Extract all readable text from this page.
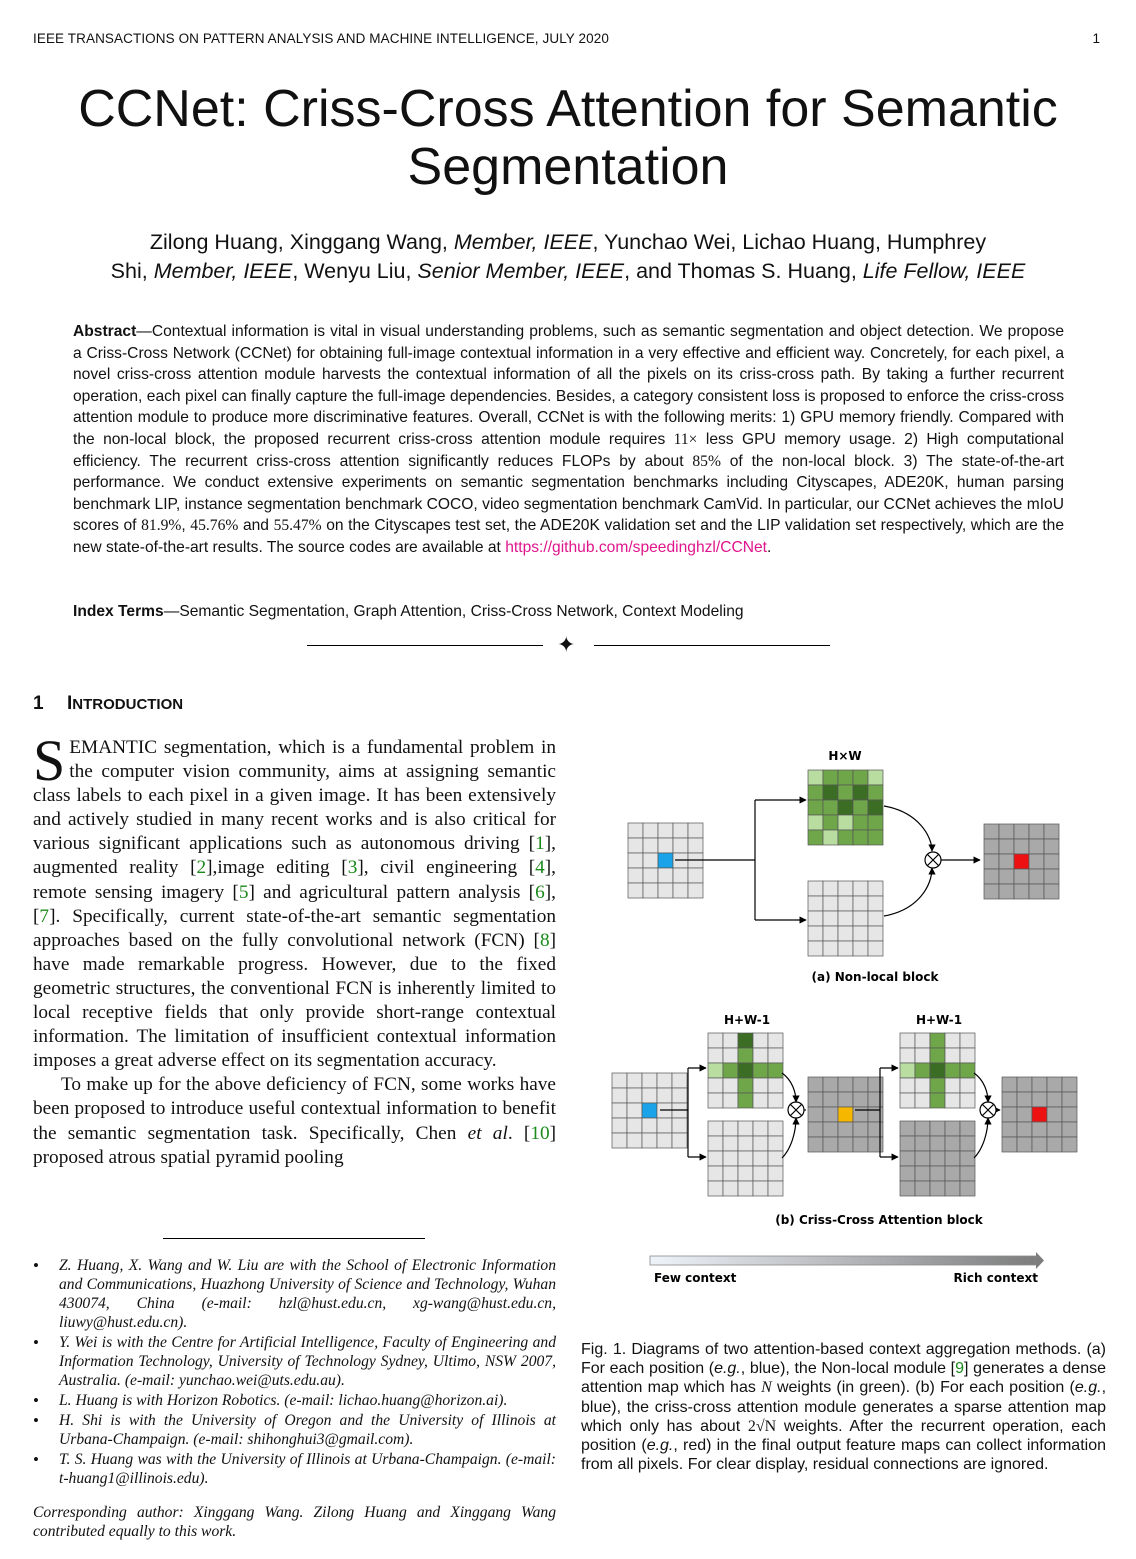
IEEE TRANSACTIONS ON PATTERN ANALYSIS AND MACHINE INTELLIGENCE, JULY 2020	1
CCNet: Criss-Cross Attention for Semantic
Segmentation
Zilong Huang, Xinggang Wang, Member, IEEE, Yunchao Wei, Lichao Huang, Humphrey
Shi, Member, IEEE, Wenyu Liu, Senior Member, IEEE, and Thomas S. Huang, Life Fellow, IEEE
Abstract—Contextual information is vital in visual understanding problems, such as semantic segmentation and object detection. We propose a Criss-Cross Network (CCNet) for obtaining full-image contextual information in a very effective and efficient way. Concretely, for each pixel, a novel criss-cross attention module harvests the contextual information of all the pixels on its criss-cross path. By taking a further recurrent operation, each pixel can finally capture the full-image dependencies. Besides, a category consistent loss is proposed to enforce the criss-cross attention module to produce more discriminative features. Overall, CCNet is with the following merits: 1) GPU memory friendly. Compared with the non-local block, the proposed recurrent criss-cross attention module requires 11× less GPU memory usage. 2) High computational efficiency. The recurrent criss-cross attention significantly reduces FLOPs by about 85% of the non-local block. 3) The state-of-the-art performance. We conduct extensive experiments on semantic segmentation benchmarks including Cityscapes, ADE20K, human parsing benchmark LIP, instance segmentation benchmark COCO, video segmentation benchmark CamVid. In particular, our CCNet achieves the mIoU scores of 81.9%, 45.76% and 55.47% on the Cityscapes test set, the ADE20K validation set and the LIP validation set respectively, which are the new state-of-the-art results. The source codes are available at https://github.com/speedinghzl/CCNet.
Index Terms—Semantic Segmentation, Graph Attention, Criss-Cross Network, Context Modeling
✦
1 INTRODUCTION

SEMANTIC segmentation, which is a fundamental problem in the computer vision community, aims at assigning semantic class labels to each pixel in a given image. It has been extensively and actively studied in many recent works and is also critical for various significant applications such as autonomous driving [1], augmented reality [2],image editing [3], civil engineering [4], remote sensing imagery [5] and agricultural pattern analysis [6], [7]. Specifically, current state-of-the-art semantic segmentation approaches based on the fully convolutional network (FCN) [8] have made remarkable progress. However, due to the fixed geometric structures, the conventional FCN is inherently limited to local receptive fields that only provide short-range contextual information. The limitation of insufficient contextual information imposes a great adverse effect on its segmentation accuracy.

To make up for the above deficiency of FCN, some works have been proposed to introduce useful contextual information to benefit the semantic segmentation task. Specifically, Chen et al. [10] proposed atrous spatial pyramid pooling

• Z. Huang, X. Wang and W. Liu are with the School of Electronic Information and Communications, Huazhong University of Science and Technology, Wuhan 430074, China (e-mail: hzl@hust.edu.cn, xg-wang@hust.edu.cn, liuwy@hust.edu.cn).
• Y. Wei is with the Centre for Artificial Intelligence, Faculty of Engineering and Information Technology, University of Technology Sydney, Ultimo, NSW 2007, Australia. (e-mail: yunchao.wei@uts.edu.au).
• L. Huang is with Horizon Robotics. (e-mail: lichao.huang@horizon.ai).
• H. Shi is with the University of Oregon and the University of Illinois at Urbana-Champaign. (e-mail: shihonghui3@gmail.com).
• T. S. Huang was with the University of Illinois at Urbana-Champaign. (e-mail: t-huang1@illinois.edu).
Corresponding author: Xinggang Wang. Zilong Huang and Xinggang Wang contributed equally to this work.
H×W
(a) Non-local block
H+W-1	H+W-1
(b) Criss-Cross Attention block
Few context	Rich context
Fig. 1. Diagrams of two attention-based context aggregation methods. (a) For each position (e.g., blue), the Non-local module [9] generates a dense attention map which has N weights (in green). (b) For each position (e.g., blue), the criss-cross attention module generates a sparse attention map which only has about 2√N weights. After the recurrent operation, each position (e.g., red) in the final output feature maps can collect information from all pixels. For clear display, residual connections are ignored.
